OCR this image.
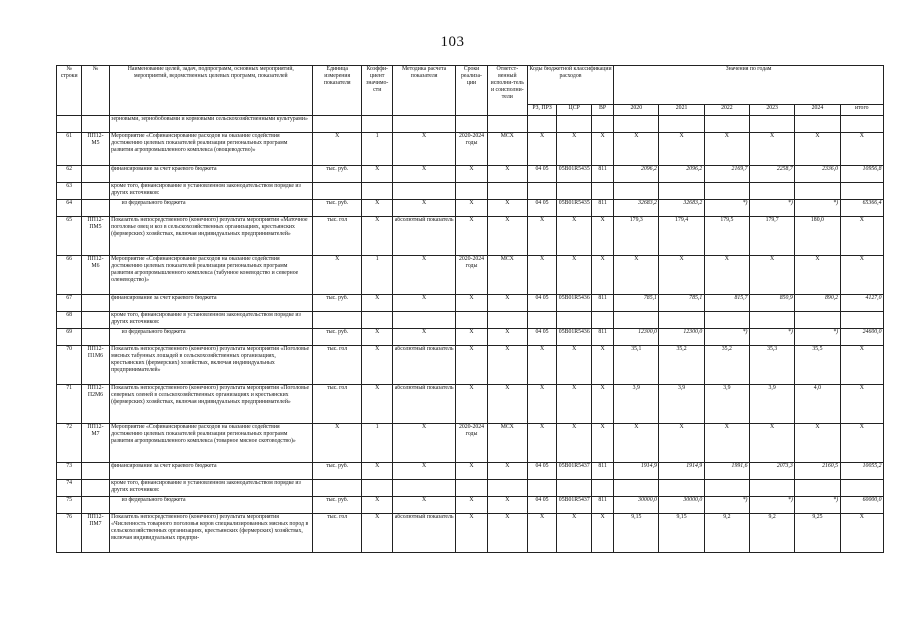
103
№ строки	№	Наименование целей, задач, подпрограмм, основных мероприятий, мероприятий, ведомственных целевых программ, показателей	Единица измерения показателя	Коэффи-циент значимо-сти	Методика расчета показателя	Сроки реализа-ции	Ответст-венный исполни-тель и соисполни-тели	Коды бюджетной классификации расходов			Значения по годам					
								РЗ, ПРЗ	ЦСР	ВР	2020	2021	2022	2023	2024	итого
		зерновыми, зернобобовыми и кормовыми сельскохозяйственными культурами»														
61	ПП12-М5	Мероприятие «Софинансирование расходов на оказание содействия достижению целевых показателей реализации региональных программ развития агропромышленного комплекса (овощеводство)»	X	1	X	2020-2024 годы	МСХ	X	X	X	X	X	X	X	X	X
62		финансирование за счет краевого бюджета	тыс. руб.	X	X	X	X	04 05	05В01R5435	811	2096,2	2096,2	2169,7	2258,7	2336,0	10956,8
63		кроме того, финансирование в установленном законодательством порядке из других источников:														
64		из федерального бюджета	тыс. руб.	X	X	X	X	04 05	05В01R5435	811	32683,2	32683,2	*)	*)	*)	65366,4
65	ПП12-ПМ5	Показатель непосредственного (конечного) результата мероприятия «Маточное поголовье овец и коз в сельскохозяйственных организациях, крестьянских (фермерских) хозяйствах, включая индивидуальных предпринимателей»	тыс. гол	X	абсолютный показатель	X	X	X	X	X	179,3	179,4	179,5	179,7	180,0	X
66	ПП12-М6	Мероприятие «Софинансирование расходов на оказание содействия достижению целевых показателей реализации региональных программ развития агропромышленного комплекса (табунное коневодство и северное оленеводство)»	X	1	X	2020-2024 годы	МСХ	X	X	X	X	X	X	X	X	X
67		финансирование за счет краевого бюджета	тыс. руб.	X	X	X	X	04 05	05В01R5436	811	785,1	785,1	815,7	850,9	890,2	4127,0
68		кроме того, финансирование в установленном законодательством порядке из других источников:														
69		из федерального бюджета	тыс. руб.	X	X	X	X	04 05	05В01R5436	811	12300,0	12300,0	*)	*)	*)	24600,0
70	ПП12-П1М6	Показатель непосредственного (конечного) результата мероприятия «Поголовье мясных табунных лошадей в сельскохозяйственных организациях, крестьянских (фермерских) хозяйствах, включая индивидуальных предпринимателей»	тыс. гол	X	абсолютный показатель	X	X	X	X	X	35,1	35,2	35,2	35,3	35,5	X
71	ПП12-П2М6	Показатель непосредственного (конечного) результата мероприятия «Поголовье северных оленей в сельскохозяйственных организациях и крестьянских (фермерских) хозяйствах, включая индивидуальных предпринимателей»	тыс. гол	X	абсолютный показатель	X	X	X	X	X	3,9	3,9	3,9	3,9	4,0	X
72	ПП12-М7	Мероприятие «Софинансирование расходов на оказание содействия достижению целевых показателей реализации региональных программ развития агропромышленного комплекса (товарное мясное скотоводство)»	X	1	X	2020-2024 годы	МСХ	X	X	X	X	X	X	X	X	X
73		финансирование за счет краевого бюджета	тыс. руб.	X	X	X	X	04 05	05В01R5437	811	1914,9	1914,9	1991,6	2073,3	2160,5	10055,2
74		кроме того, финансирование в установленном законодательством порядке из других источников:														
75		из федерального бюджета	тыс. руб.	X	X	X	X	04 05	05В01R5437	811	30000,0	30000,0	*)	*)	*)	60000,0
76	ПП12-ПМ7	Показатель непосредственного (конечного) результата мероприятия «Численность товарного поголовья коров специализированных мясных пород в сельскохозяйственных организациях, крестьянских (фермерских) хозяйствах, включая индивидуальных предпри-	тыс. гол	X	абсолютный показатель	X	X	X	X	X	9,15	9,15	9,2	9,2	9,25	X
